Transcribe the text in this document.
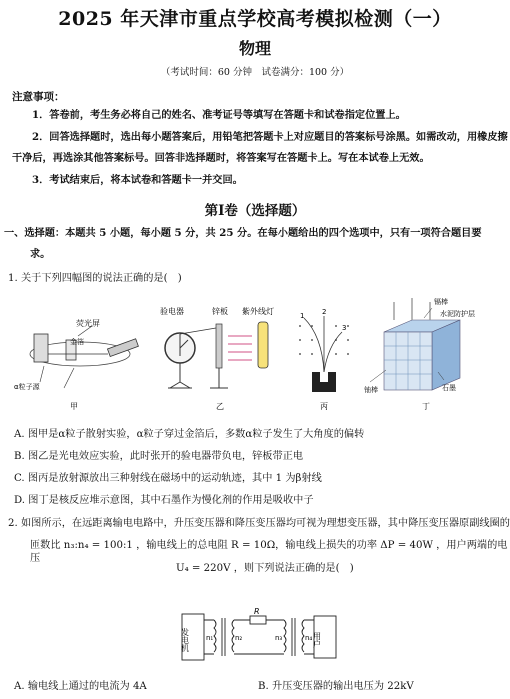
2025 年天津市重点学校高考模拟检测（一）
物理
（考试时间：60 分钟　试卷满分：100 分）
注意事项：
1．答卷前，考生务必将自己的姓名、准考证号等填写在答题卡和试卷指定位置上。
2．回答选择题时，选出每小题答案后，用铅笔把答题卡上对应题目的答案标号涂黑。如需改动，用橡皮擦
干净后，再选涂其他答案标号。回答非选择题时，将答案写在答题卡上。写在本试卷上无效。
3．考试结束后，将本试卷和答题卡一并交回。
第Ⅰ卷（选择题）
一、选择题：本题共 5 小题，每小题 5 分，共 25 分。在每小题给出的四个选项中，只有一项符合题目要
求。
1. 关于下列四幅图的说法正确的是(　)
荧光屏
金箔
α粒子源
甲
验电器	锌板 紫外线灯
乙
1	2
3
丙
镉棒
水泥防护层
铀棒	石墨
丁
A. 图甲是α粒子散射实验，α粒子穿过金箔后，多数α粒子发生了大角度的偏转
B. 图乙是光电效应实验，此时张开的验电器带负电，锌板带正电
C. 图丙是放射源放出三种射线在磁场中的运动轨迹，其中 1 为β射线
D. 图丁是核反应堆示意图，其中石墨作为慢化剂的作用是吸收中子
2. 如图所示，在远距离输电电路中，升压变压器和降压变压器均可视为理想变压器，其中降压变压器原副线圈的
匝数比 n₃:n₄ = 100:1 ，输电线上的总电阻 R = 10Ω，输电线上损失的功率 ΔP = 40W ，用户两端的电压
U₄ = 220V ，则下列说法正确的是(　)
发电机 n₁	n₂
R
n₃	n₄ 用户
A. 输电线上通过的电流为 4A	B. 升压变压器的输出电压为 22kV
